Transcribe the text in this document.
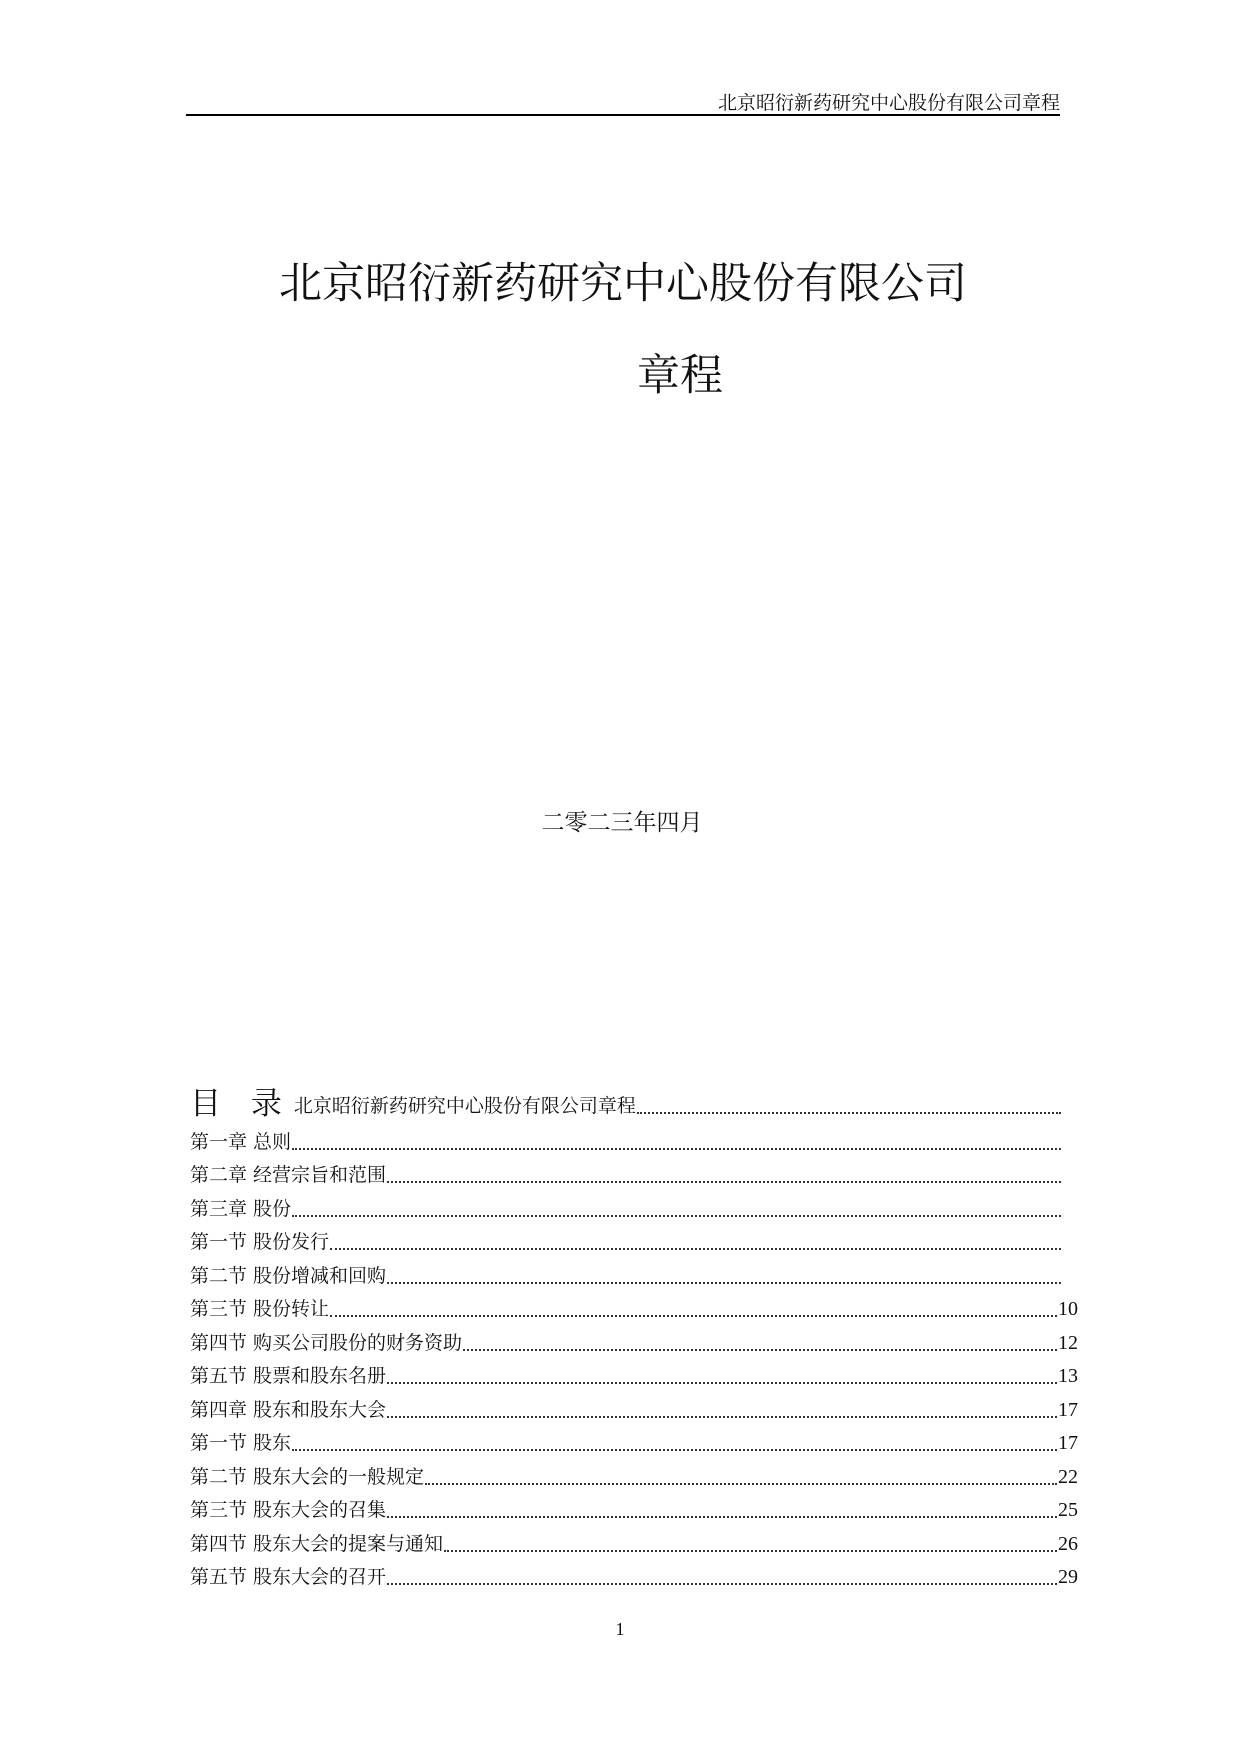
北京昭衍新药研究中心股份有限公司章程
北京昭衍新药研究中心股份有限公司
章程
二零二三年四月
目 录 北京昭衍新药研究中心股份有限公司章程
第一章 总则
第二章 经营宗旨和范围
第三章 股份
第一节 股份发行
第二节 股份增减和回购
第三节 股份转让	10
第四节 购买公司股份的财务资助	12
第五节 股票和股东名册	13
第四章 股东和股东大会	17
第一节 股东	17
第二节 股东大会的一般规定	22
第三节 股东大会的召集	25
第四节 股东大会的提案与通知	26
第五节 股东大会的召开	29
1
